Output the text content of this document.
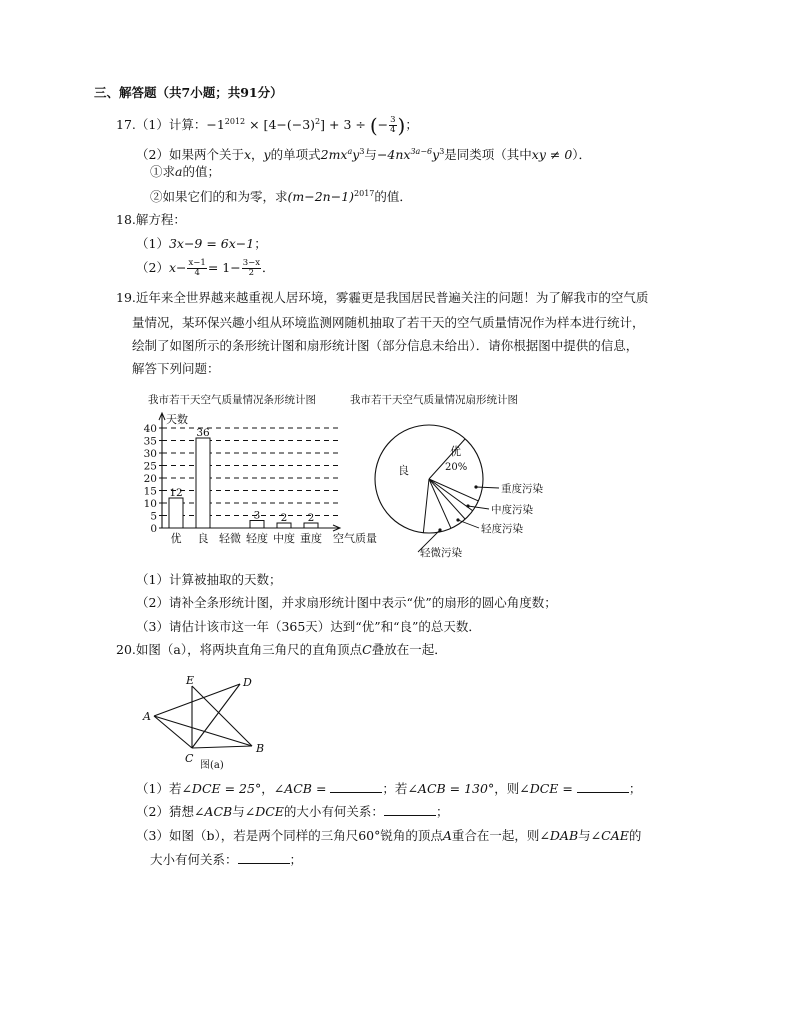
三、解答题（共7小题；共91分）
17.（1）计算：$-1^{2012} \times [4-(-3)^2] + 3$ ÷ (− $\frac{3}{4}$ )；
（2）如果两个关于x，y的单项式$2mx^ay^3$与$-4nx^{3a-6}y^3$是同类项（其中xy ≠ 0）．
①求a的值；
②如果它们的和为零，求$(m-2n-1)^{2017}$的值．
18.解方程：
（1）3x−9 = 6x−1；
$(2)x- \frac{x-1}{4} = 1- \frac{3-x}{2}$ ．
19.近年来全世界越来越重视人居环境，雾霾更是我国居民普遍关注的问题！为了解我市的空气质
量情况，某环保兴趣小组从环境监测网随机抽取了若干天的空气质量情况作为样本进行统计，
绘制了如图所示的条形统计图和扇形统计图（部分信息未给出）．请你根据图中提供的信息，
解答下列问题：
我市若干天空气质量情况条形统计图	我市若干天空气质量情况扇形统计图
0
5
10
15
20
25
30
35
40
天数
空气质量
优
12
良
36
轻微 轻度
3
中度
2
重度
2
良
优
20%
重度污染
中度污染
轻度污染
轻微污染
（1）计算被抽取的天数；
（2）请补全条形统计图，并求扇形统计图中表示“优”的扇形的圆心角度数；
（3）请估计该市这一年（365天）达到“优”和“良”的总天数．
20.如图（a），将两块直角三角尺的直角顶点C叠放在一起．
A
B
C
D
E
图(a)
（1）若∠DCE = 25°，∠ACB =	；若∠ACB = 130°，则∠DCE =	；
（2）猜想∠ACB与∠DCE的大小有何关系：	；
（3）如图（b），若是两个同样的三角尺60°锐角的顶点A重合在一起，则∠DAB与∠CAE的
大小有何关系：	；
